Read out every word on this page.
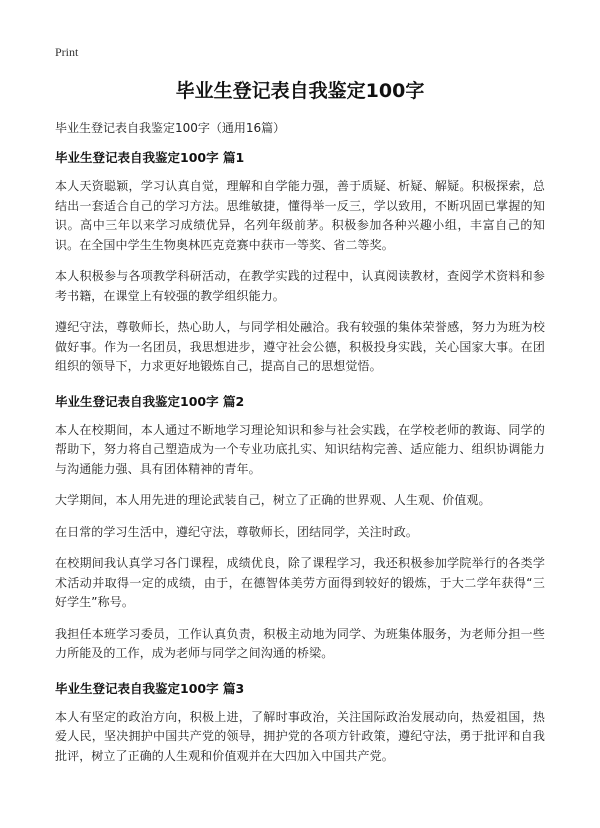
Print
毕业生登记表自我鉴定100字
毕业生登记表自我鉴定100字（通用16篇）
毕业生登记表自我鉴定100字 篇1

本人天资聪颖，学习认真自觉，理解和自学能力强，善于质疑、析疑、解疑。积极探索，总结出一套适合自己的学习方法。思维敏捷，懂得举一反三，学以致用，不断巩固已掌握的知识。高中三年以来学习成绩优异，名列年级前茅。积极参加各种兴趣小组，丰富自己的知识。在全国中学生生物奥林匹克竞赛中获市一等奖、省二等奖。

本人积极参与各项教学科研活动，在教学实践的过程中，认真阅读教材，查阅学术资料和参考书籍，在课堂上有较强的教学组织能力。

遵纪守法，尊敬师长，热心助人，与同学相处融洽。我有较强的集体荣誉感，努力为班为校做好事。作为一名团员，我思想进步，遵守社会公德，积极投身实践，关心国家大事。在团组织的领导下，力求更好地锻炼自己，提高自己的思想觉悟。

毕业生登记表自我鉴定100字 篇2

本人在校期间，本人通过不断地学习理论知识和参与社会实践，在学校老师的教诲、同学的帮助下，努力将自己塑造成为一个专业功底扎实、知识结构完善、适应能力、组织协调能力与沟通能力强、具有团体精神的青年。

大学期间，本人用先进的理论武装自己，树立了正确的世界观、人生观、价值观。

在日常的学习生活中，遵纪守法，尊敬师长，团结同学，关注时政。

在校期间我认真学习各门课程，成绩优良，除了课程学习，我还积极参加学院举行的各类学术活动并取得一定的成绩，由于，在德智体美劳方面得到较好的锻炼，于大二学年获得“三好学生”称号。

我担任本班学习委员，工作认真负责，积极主动地为同学、为班集体服务，为老师分担一些力所能及的工作，成为老师与同学之间沟通的桥梁。

毕业生登记表自我鉴定100字 篇3

本人有坚定的政治方向，积极上进，了解时事政治，关注国际政治发展动向，热爱祖国，热爱人民，坚决拥护中国共产党的领导，拥护党的各项方针政策，遵纪守法，勇于批评和自我批评，树立了正确的人生观和价值观并在大四加入中国共产党。
